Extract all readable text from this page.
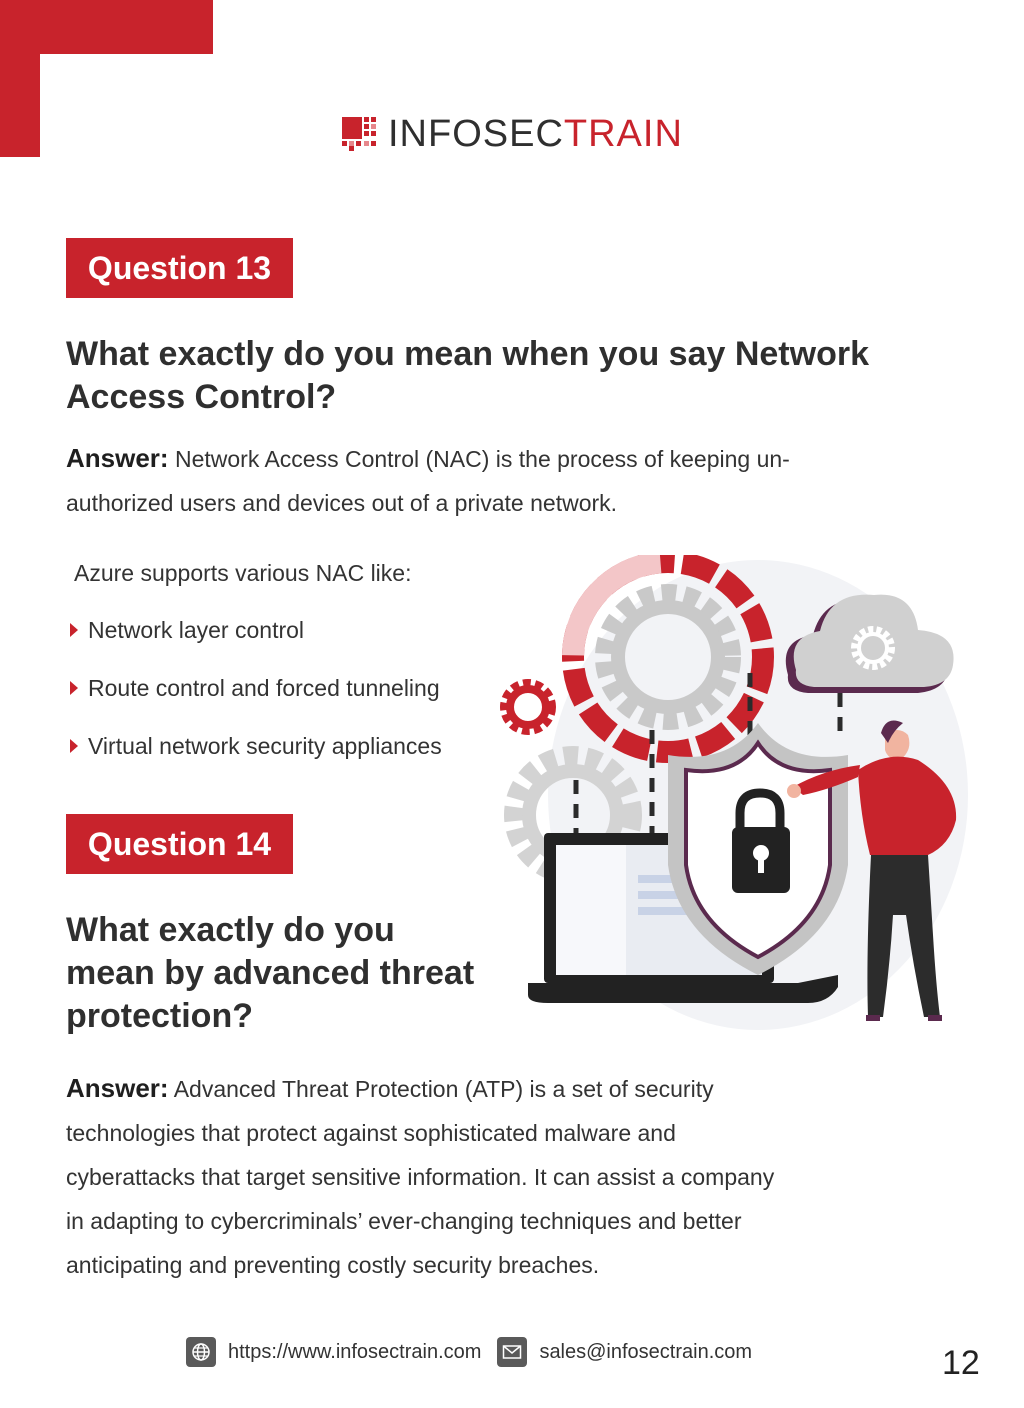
INFOSECTRAIN
Question 13
What exactly do you mean when you say Network
Access Control?
Answer: Network Access Control (NAC) is the process of keeping un-
authorized users and devices out of a private network.
Azure supports various NAC like:
Network layer control
Route control and forced tunneling
Virtual network security appliances
Question 14
What exactly do you
mean by advanced threat
protection?
Answer: Advanced Threat Protection (ATP) is a set of security
technologies that protect against sophisticated malware and
cyberattacks that target sensitive information. It can assist a company
in adapting to cybercriminals’ ever-changing techniques and better
anticipating and preventing costly security breaches.
https://www.infosectrain.com	sales@infosectrain.com	12
